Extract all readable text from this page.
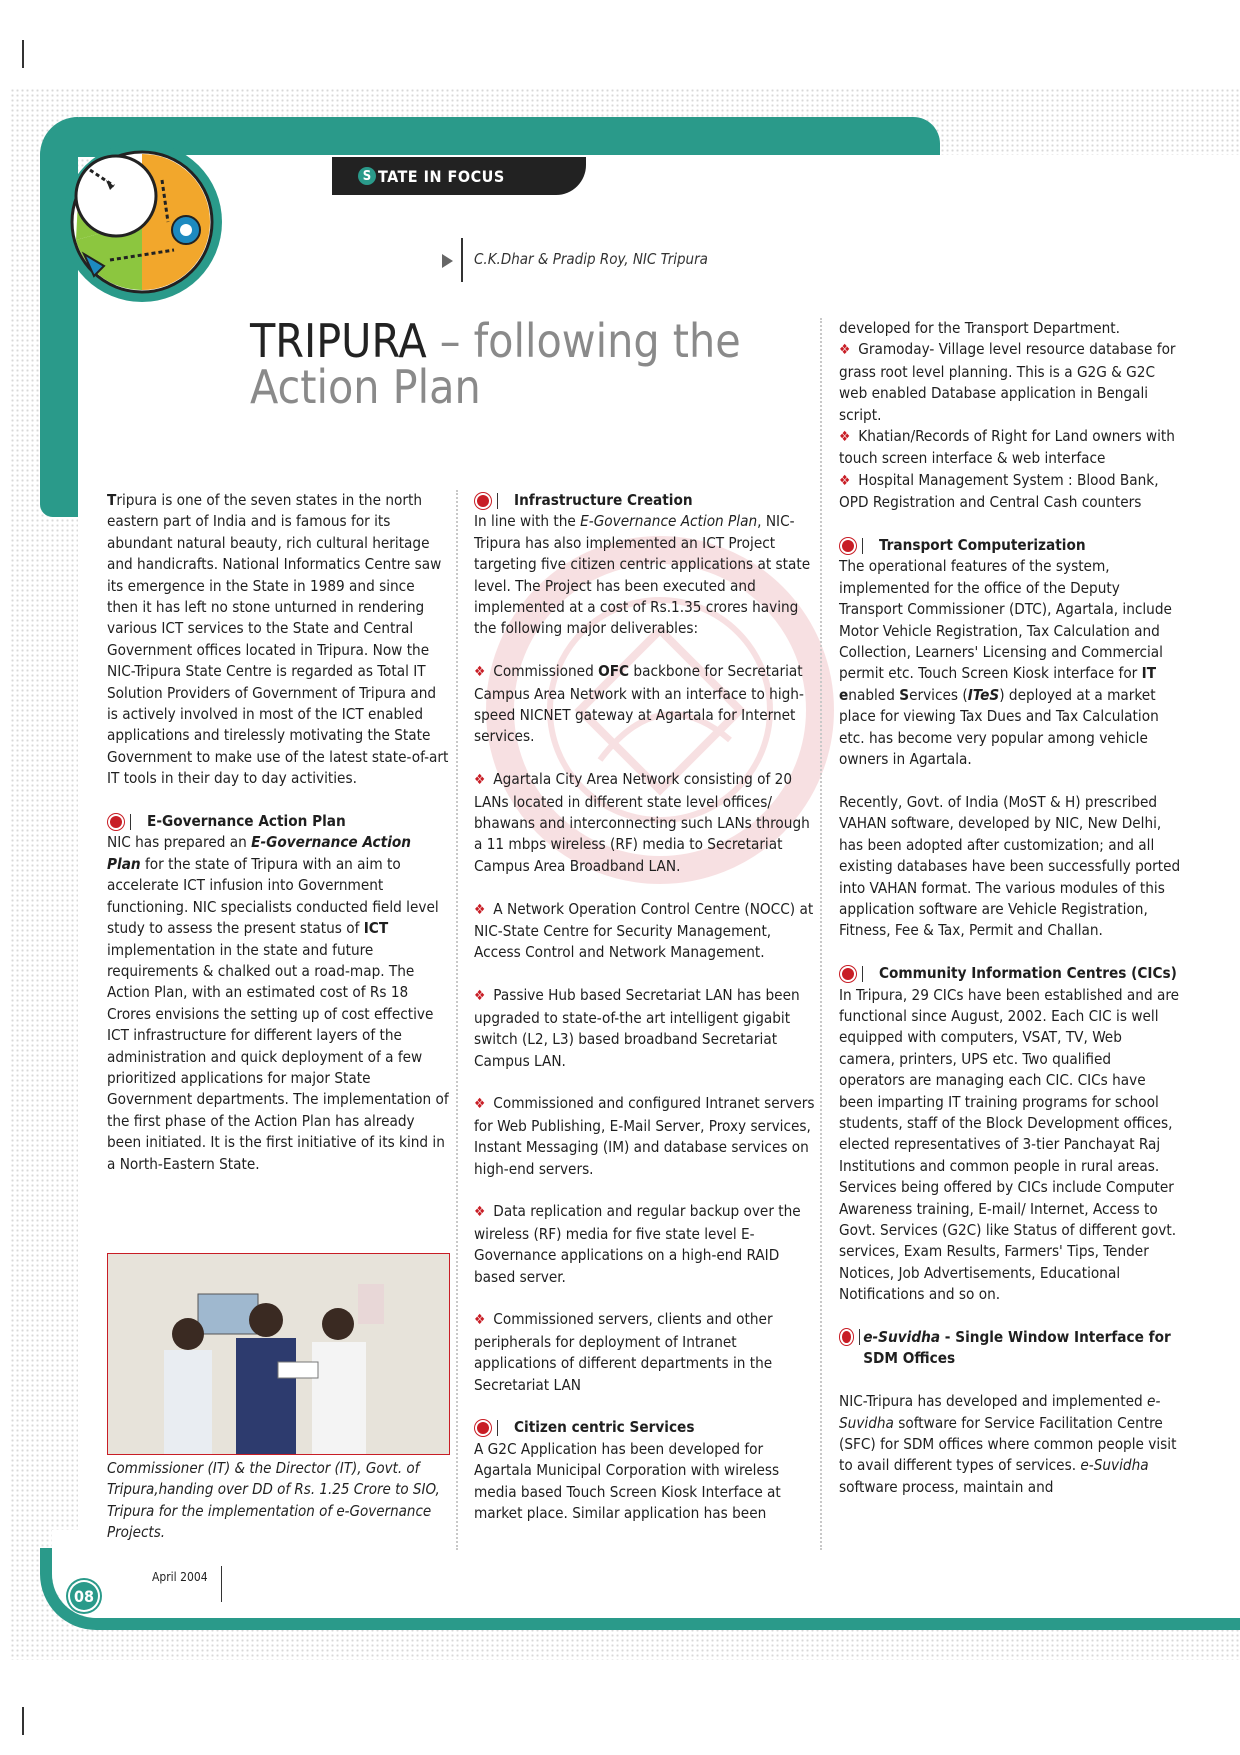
S TATE IN FOCUS
C.K.Dhar & Pradip Roy, NIC Tripura
TRIPURA – following the
Action Plan

Tripura is one of the seven states in the north eastern part of India and is famous for its abundant natural beauty, rich cultural heritage and handicrafts. National Informatics Centre saw its emergence in the State in 1989 and since then it has left no stone unturned in rendering various ICT services to the State and Central Government offices located in Tripura. Now the NIC-Tripura State Centre is regarded as Total IT Solution Providers of Government of Tripura and is actively involved in most of the ICT enabled applications and tirelessly motivating the State Government to make use of the latest state-of-art IT tools in their day to day activities.

E-Governance Action Plan

NIC has prepared an E-Governance Action Plan for the state of Tripura with an aim to accelerate ICT infusion into Government functioning. NIC specialists conducted field level study to assess the present status of ICT implementation in the state and future requirements & chalked out a road-map. The Action Plan, with an estimated cost of Rs 18 Crores envisions the setting up of cost effective ICT infrastructure for different layers of the administration and quick deployment of a few prioritized applications for major State Government departments. The implementation of the first phase of the Action Plan has already been initiated. It is the first initiative of its kind in a North-Eastern State.

Commissioner (IT) & the Director (IT), Govt. of Tripura,handing over DD of Rs. 1.25 Crore to SIO, Tripura for the implementation of e-Governance Projects.
Infrastructure Creation

In line with the E-Governance Action Plan, NIC-Tripura has also implemented an ICT Project targeting five citizen centric applications at state level. The Project has been executed and implemented at a cost of Rs.1.35 crores having the following major deliverables:

❖ Commissioned OFC backbone for Secretariat Campus Area Network with an interface to high-speed NICNET gateway at Agartala for Internet services.

❖ Agartala City Area Network consisting of 20 LANs located in different state level offices/ bhawans and interconnecting such LANs through a 11 mbps wireless (RF) media to Secretariat Campus Area Broadband LAN.

❖ A Network Operation Control Centre (NOCC) at NIC-State Centre for Security Management, Access Control and Network Management.

❖ Passive Hub based Secretariat LAN has been upgraded to state-of-the art intelligent gigabit switch (L2, L3) based broadband Secretariat Campus LAN.

❖ Commissioned and configured Intranet servers for Web Publishing, E-Mail Server, Proxy services, Instant Messaging (IM) and database services on high-end servers.

❖ Data replication and regular backup over the wireless (RF) media for five state level E-Governance applications on a high-end RAID based server.

❖ Commissioned servers, clients and other peripherals for deployment of Intranet applications of different departments in the Secretariat LAN

Citizen centric Services

A G2C Application has been developed for Agartala Municipal Corporation with wireless media based Touch Screen Kiosk Interface at market place. Similar application has been

developed for the Transport Department.

❖ Gramoday- Village level resource database for grass root level planning. This is a G2G & G2C web enabled Database application in Bengali script.

❖ Khatian/Records of Right for Land owners with touch screen interface & web interface

❖ Hospital Management System : Blood Bank, OPD Registration and Central Cash counters

Transport Computerization

The operational features of the system, implemented for the office of the Deputy Transport Commissioner (DTC), Agartala, include Motor Vehicle Registration, Tax Calculation and Collection, Learners' Licensing and Commercial permit etc. Touch Screen Kiosk interface for IT enabled Services (ITeS) deployed at a market place for viewing Tax Dues and Tax Calculation etc. has become very popular among vehicle owners in Agartala.

Recently, Govt. of India (MoST & H) prescribed VAHAN software, developed by NIC, New Delhi, has been adopted after customization; and all existing databases have been successfully ported into VAHAN format. The various modules of this application software are Vehicle Registration, Fitness, Fee & Tax, Permit and Challan.

Community Information Centres (CICs)

In Tripura, 29 CICs have been established and are functional since August, 2002. Each CIC is well equipped with computers, VSAT, TV, Web camera, printers, UPS etc. Two qualified operators are managing each CIC. CICs have been imparting IT training programs for school students, staff of the Block Development offices, elected representatives of 3-tier Panchayat Raj Institutions and common people in rural areas. Services being offered by CICs include Computer Awareness training, E-mail/ Internet, Access to Govt. Services (G2C) like Status of different govt. services, Exam Results, Farmers' Tips, Tender Notices, Job Advertisements, Educational Notifications and so on.

e-Suvidha - Single Window Interface for SDM Offices

NIC-Tripura has developed and implemented e-Suvidha software for Service Facilitation Centre (SFC) for SDM offices where common people visit to avail different types of services. e-Suvidha software process, maintain and

08
April 2004
